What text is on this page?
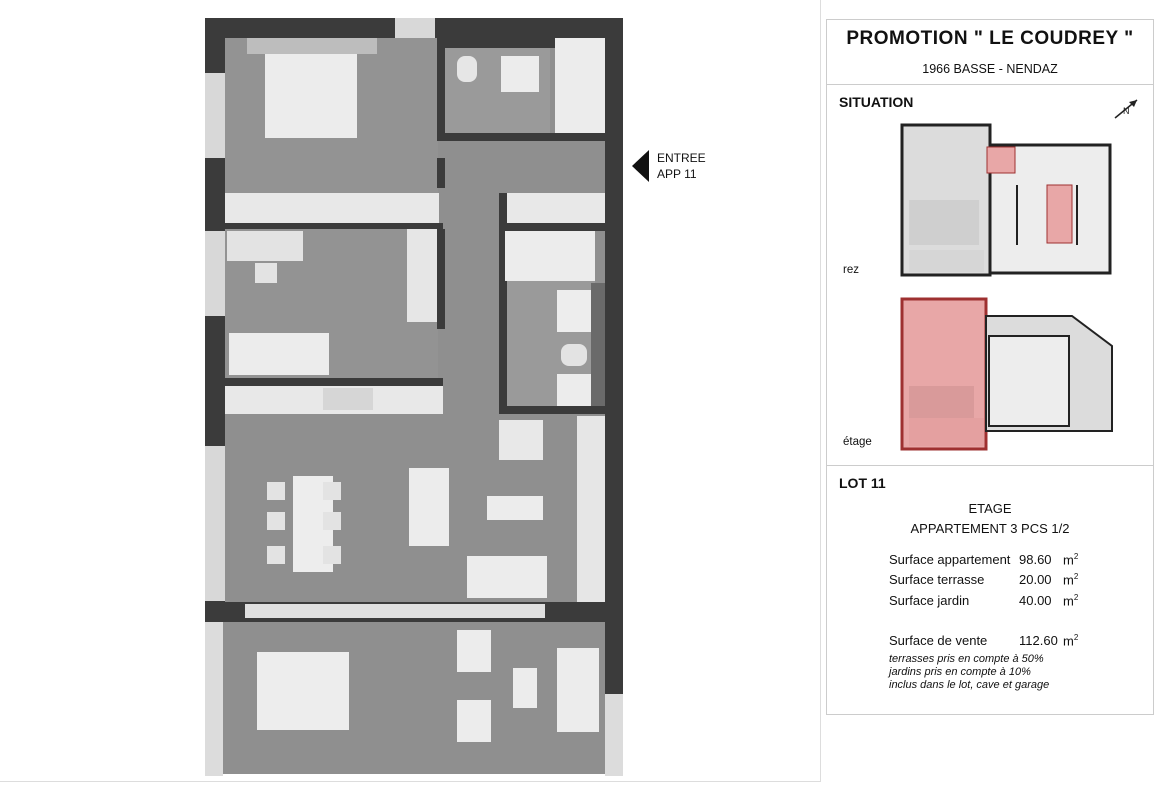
ENTREE
APP 11
PROMOTION " LE COUDREY "
1966 BASSE - NENDAZ
SITUATION
N
rez
étage
LOT 11
ETAGE
APPARTEMENT 3 PCS 1/2
Surface appartement 98.60 $m^2$
Surface terrasse	20.00 $m^2$
Surface jardin	40.00 $m^2$
Surface de vente 112.60 $m^2$
terrasses pris en compte à 50%
jardins pris en compte à 10%
inclus dans le lot, cave et garage
